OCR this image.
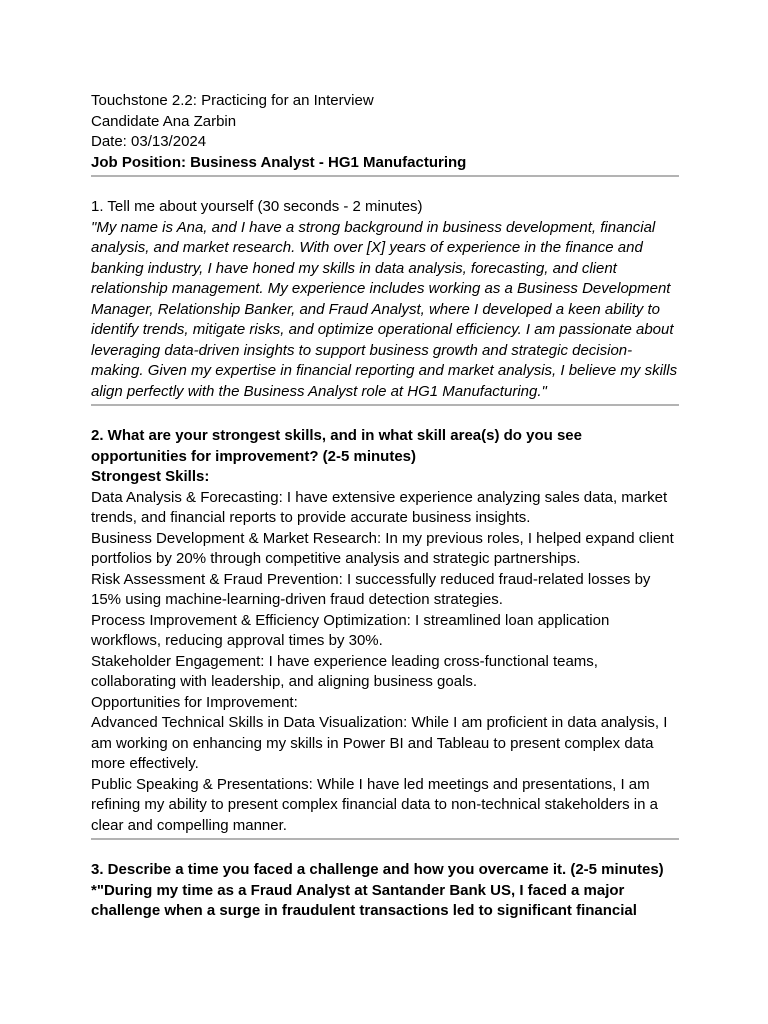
Touchstone 2.2: Practicing for an Interview

Candidate Ana Zarbin

Date: 03/13/2024

Job Position: Business Analyst - HG1 Manufacturing

1. Tell me about yourself (30 seconds - 2 minutes)

"My name is Ana, and I have a strong background in business development, financial analysis, and market research. With over [X] years of experience in the finance and banking industry, I have honed my skills in data analysis, forecasting, and client relationship management. My experience includes working as a Business Development Manager, Relationship Banker, and Fraud Analyst, where I developed a keen ability to identify trends, mitigate risks, and optimize operational efficiency. I am passionate about leveraging data-driven insights to support business growth and strategic decision-making. Given my expertise in financial reporting and market analysis, I believe my skills align perfectly with the Business Analyst role at HG1 Manufacturing."

2. What are your strongest skills, and in what skill area(s) do you see opportunities for improvement? (2-5 minutes)

Strongest Skills:

Data Analysis & Forecasting: I have extensive experience analyzing sales data, market trends, and financial reports to provide accurate business insights.

Business Development & Market Research: In my previous roles, I helped expand client portfolios by 20% through competitive analysis and strategic partnerships.

Risk Assessment & Fraud Prevention: I successfully reduced fraud-related losses by 15% using machine-learning-driven fraud detection strategies.

Process Improvement & Efficiency Optimization: I streamlined loan application workflows, reducing approval times by 30%.

Stakeholder Engagement: I have experience leading cross-functional teams, collaborating with leadership, and aligning business goals.

Opportunities for Improvement:

Advanced Technical Skills in Data Visualization: While I am proficient in data analysis, I am working on enhancing my skills in Power BI and Tableau to present complex data more effectively.

Public Speaking & Presentations: While I have led meetings and presentations, I am refining my ability to present complex financial data to non-technical stakeholders in a clear and compelling manner.

3. Describe a time you faced a challenge and how you overcame it. (2-5 minutes)

*"During my time as a Fraud Analyst at Santander Bank US, I faced a major challenge when a surge in fraudulent transactions led to significant financial
